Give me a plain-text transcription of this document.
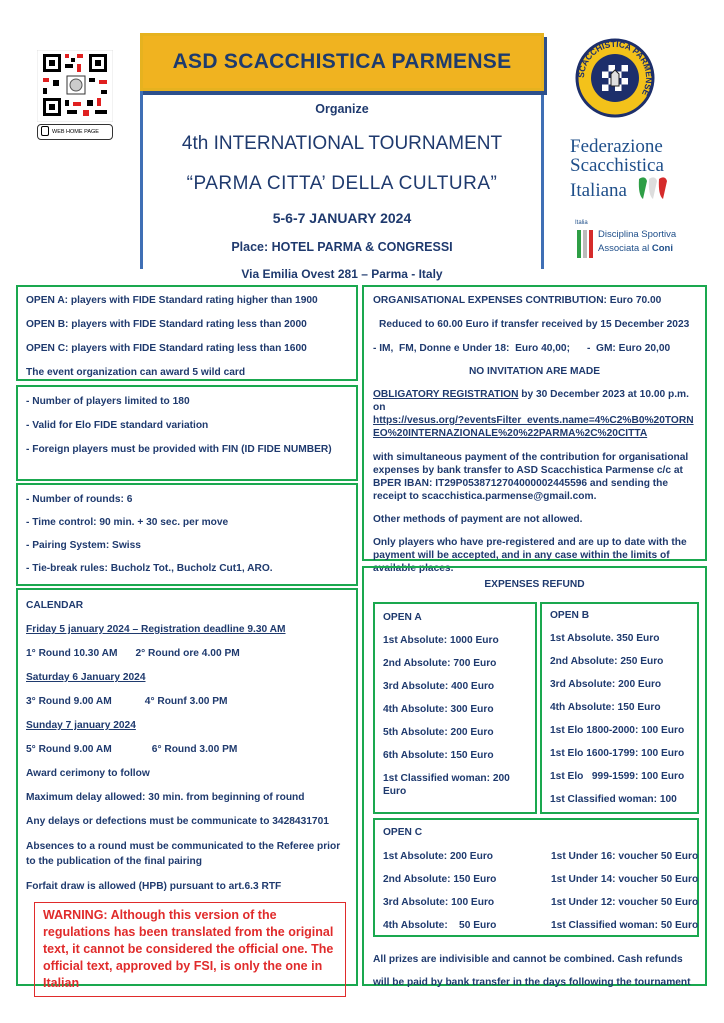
WEB HOME PAGE
ASD SCACCHISTICA PARMENSE
Organize
4th INTERNATIONAL TOURNAMENT
“PARMA CITTA’ DELLA CULTURA”
5-6-7 JANUARY 2024
Place: HOTEL PARMA & CONGRESSI
Via Emilia Ovest 281 – Parma - Italy
SCACCHISTICA PARMENSE
Federazione
Scacchistica
Italiana
Italia
Disciplina Sportiva
Associata al Coni
OPEN A: players with FIDE Standard rating higher than 1900
OPEN B: players with FIDE Standard rating less than 2000
OPEN C: players with FIDE Standard rating less than 1600
The event organization can award 5 wild card
- Number of players limited to 180
- Valid for Elo FIDE standard variation
- Foreign players must be provided with FIN (ID FIDE NUMBER)
- Number of rounds: 6
- Time control: 90 min. + 30 sec. per move
- Pairing System: Swiss
- Tie-break rules: Bucholz Tot., Bucholz Cut1, ARO.
CALENDAR
Friday 5 january 2024 – Registration deadline 9.30 AM
1° Round 10.30 AM 2° Round ore 4.00 PM
Saturday 6 January 2024
3° Round 9.00 AM	4° Rounf 3.00 PM
Sunday 7 january 2024
5° Round 9.00 AM	6° Round 3.00 PM
Award cerimony to follow
Maximum delay allowed: 30 min. from beginning of round
Any delays or defections must be communicate to 3428431701
Absences to a round must be communicated to the Referee prior to the publication of the final pairing
Forfait draw is allowed (HPB) pursuant to art.6.3 RTF
WARNING: Although this version of the regulations has been translated from the original text, it cannot be considered the official one. The official text, approved by FSI, is only the one in Italian
ORGANISATIONAL EXPENSES CONTRIBUTION: Euro 70.00
Reduced to 60.00 Euro if transfer received by 15 December 2023
- IM,  FM, Donne e Under 18:  Euro 40,00;      -  GM: Euro 20,00
NO INVITATION ARE MADE
OBLIGATORY REGISTRATION by 30 December 2023 at 10.00 p.m. on
https://vesus.org/?eventsFilter_events.name=4%C2%B0%20TORNEO%20INTERNAZIONALE%20%22PARMA%2C%20CITTA
with simultaneous payment of the contribution for organisational expenses by bank transfer to ASD Scacchistica Parmense c/c at BPER IBAN: IT29P0538712704000002445596 and sending the receipt to scacchistica.parmense@gmail.com.
Other methods of payment are not allowed.
Only players who have pre-registered and are up to date with the payment will be accepted, and in any case within the limits of available places.
EXPENSES REFUND
OPEN A
1st Absolute: 1000 Euro
2nd Absolute: 700 Euro
3rd Absolute: 400 Euro
4th Absolute: 300 Euro
5th Absolute: 200 Euro
6th Absolute: 150 Euro
1st Classified woman: 200 Euro
OPEN B
1st Absolute. 350 Euro
2nd Absolute: 250 Euro
3rd Absolute: 200 Euro
4th Absolute: 150 Euro
1st Elo 1800-2000: 100 Euro
1st Elo 1600-1799: 100 Euro
1st Elo   999-1599: 100 Euro
1st Classified woman: 100
OPEN C
1st Absolute: 200 Euro
2nd Absolute: 150 Euro
3rd Absolute: 100 Euro
4th Absolute:    50 Euro
1st Under 16: voucher 50 Euro
1st Under 14: voucher 50 Euro
1st Under 12: voucher 50 Euro
1st Classified woman: 50 Euro
All prizes are indivisible and cannot be combined. Cash refunds will be paid by bank transfer in the days following the tournament
